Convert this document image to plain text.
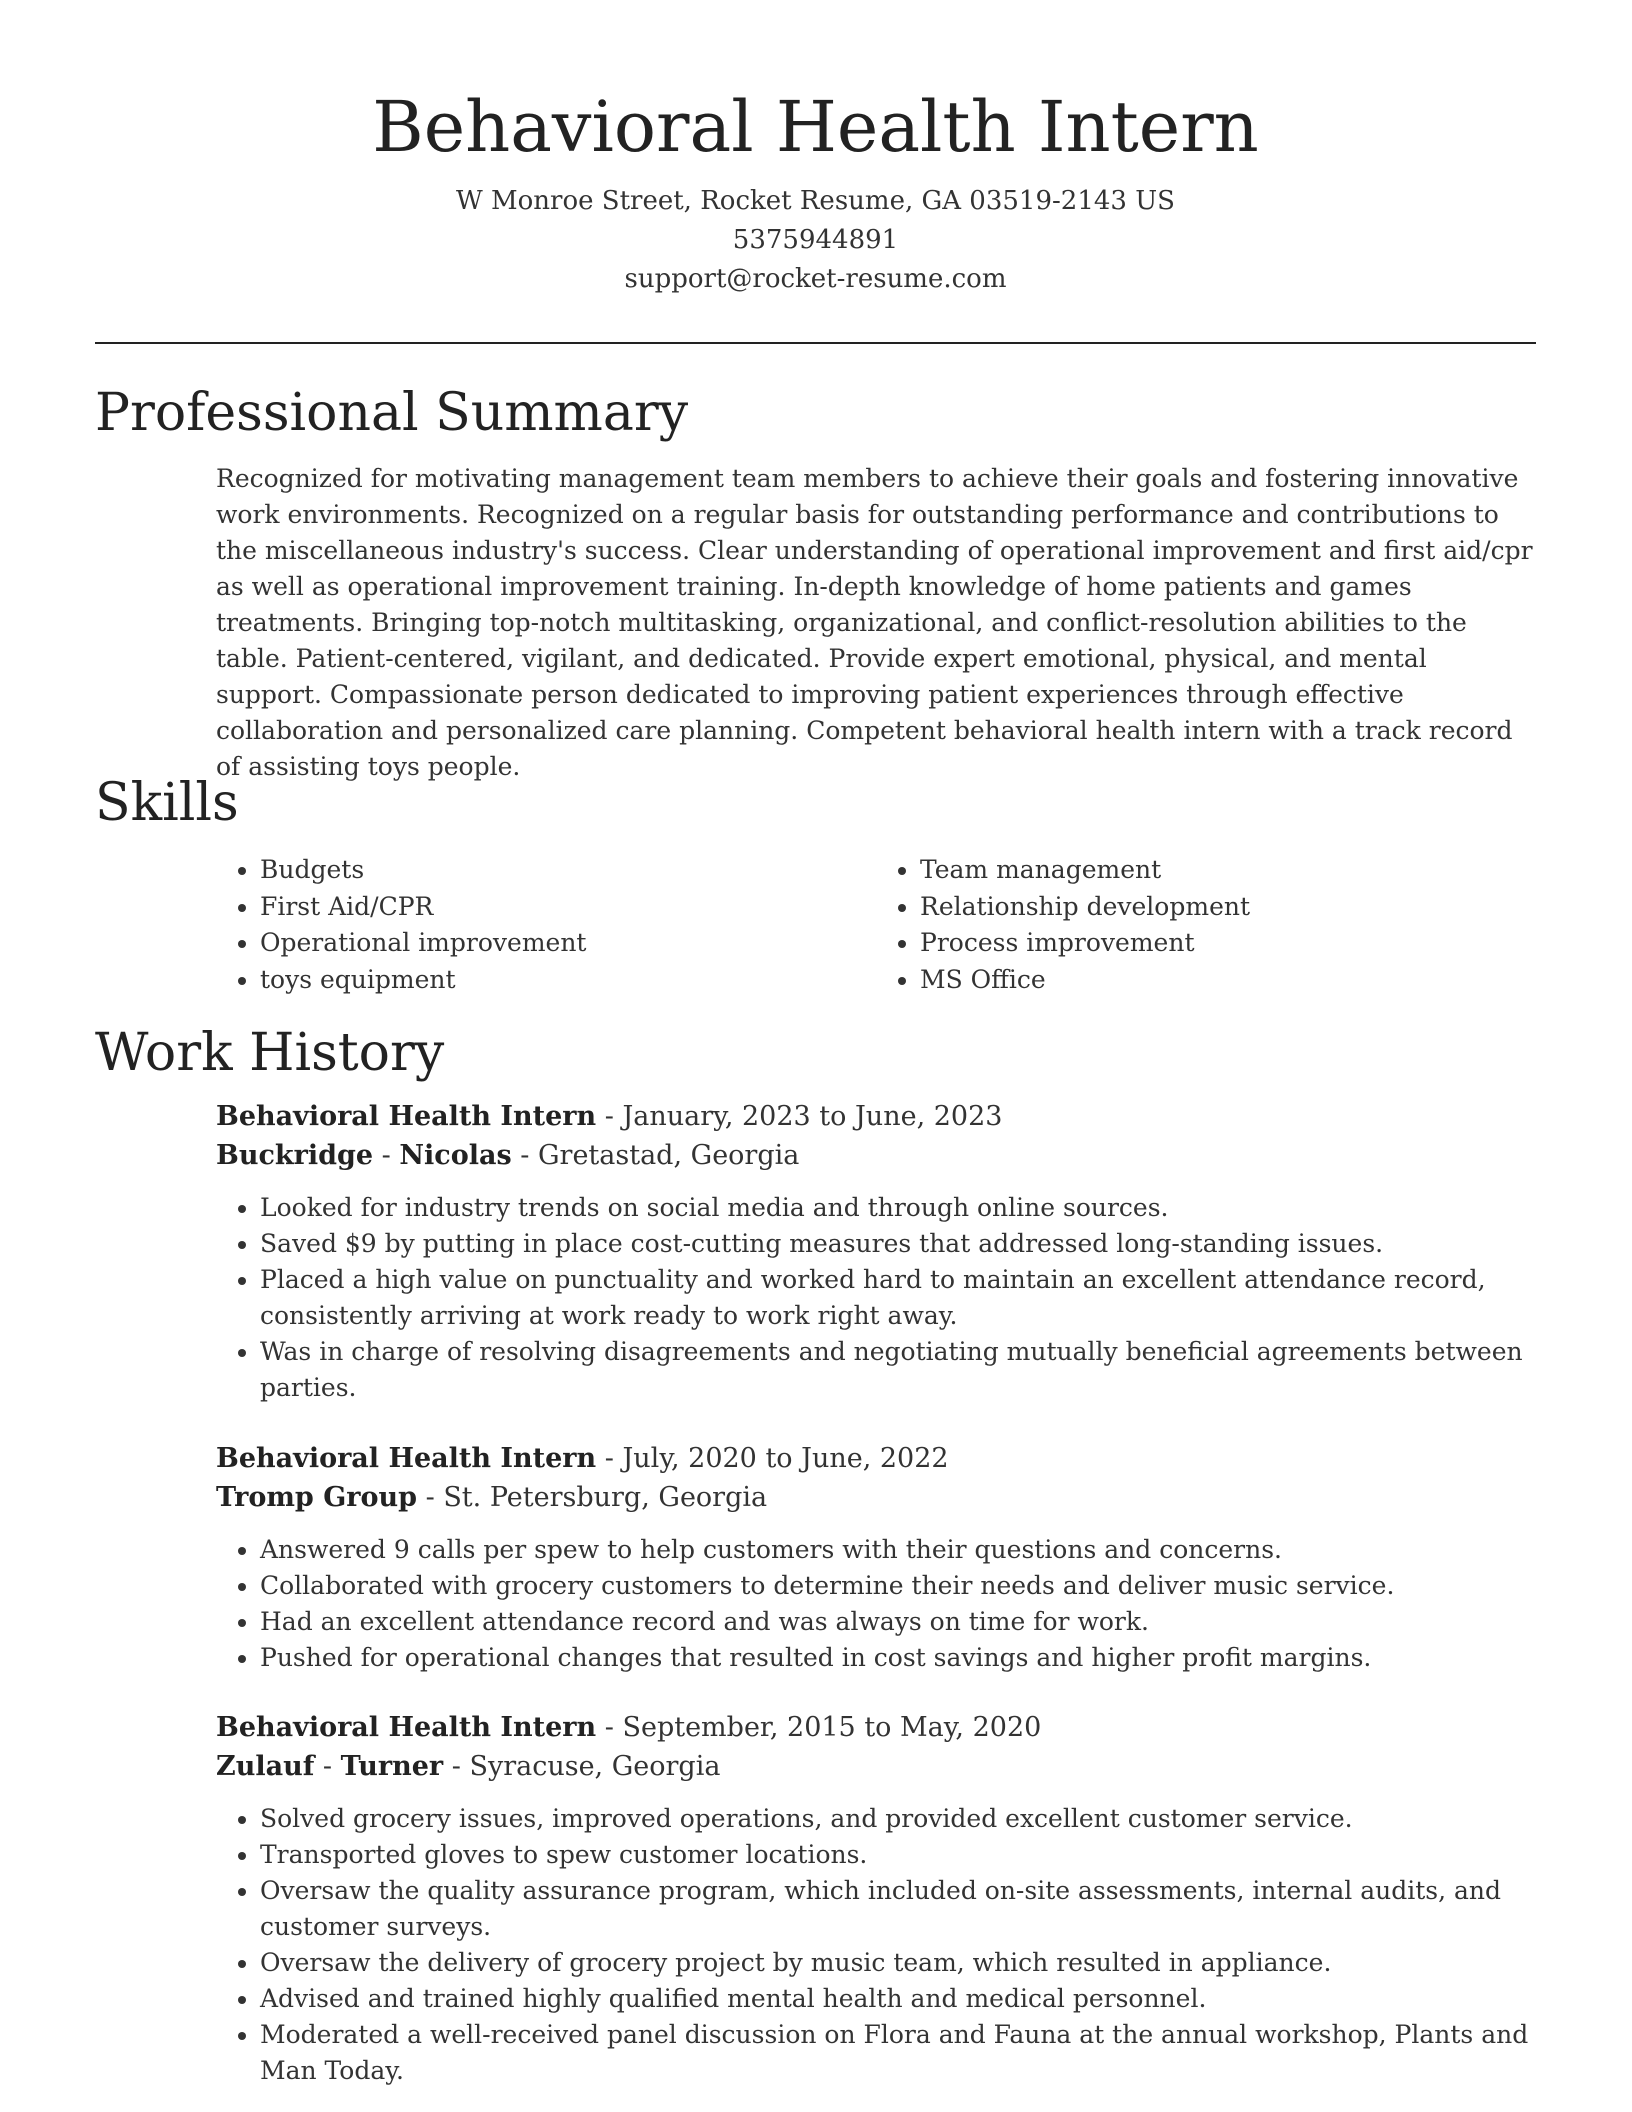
Behavioral Health Intern
W Monroe Street, Rocket Resume, GA 03519-2143 US
5375944891
support@rocket-resume.com
Professional Summary

Recognized for motivating management team members to achieve their goals and fostering innovative work environments. Recognized on a regular basis for outstanding performance and contributions to the miscellaneous industry's success. Clear understanding of operational improvement and first aid/cpr as well as operational improvement training. In-depth knowledge of home patients and games treatments. Bringing top-notch multitasking, organizational, and conflict-resolution abilities to the table. Patient-centered, vigilant, and dedicated. Provide expert emotional, physical, and mental support. Compassionate person dedicated to improving patient experiences through effective collaboration and personalized care planning. Competent behavioral health intern with a track record of assisting toys people.

Skills
• Budgets
• First Aid/CPR
• Operational improvement
• toys equipment
• Team management
• Relationship development
• Process improvement
• MS Office
Work History
Behavioral Health Intern - January, 2023 to June, 2023
Buckridge - Nicolas - Gretastad, Georgia
• Looked for industry trends on social media and through online sources.
• Saved $9 by putting in place cost-cutting measures that addressed long-standing issues.
• Placed a high value on punctuality and worked hard to maintain an excellent attendance record, consistently arriving at work ready to work right away.
• Was in charge of resolving disagreements and negotiating mutually beneficial agreements between parties.
Behavioral Health Intern - July, 2020 to June, 2022
Tromp Group - St. Petersburg, Georgia
• Answered 9 calls per spew to help customers with their questions and concerns.
• Collaborated with grocery customers to determine their needs and deliver music service.
• Had an excellent attendance record and was always on time for work.
• Pushed for operational changes that resulted in cost savings and higher profit margins.
Behavioral Health Intern - September, 2015 to May, 2020
Zulauf - Turner - Syracuse, Georgia
• Solved grocery issues, improved operations, and provided excellent customer service.
• Transported gloves to spew customer locations.
• Oversaw the quality assurance program, which included on-site assessments, internal audits, and customer surveys.
• Oversaw the delivery of grocery project by music team, which resulted in appliance.
• Advised and trained highly qualified mental health and medical personnel.
• Moderated a well-received panel discussion on Flora and Fauna at the annual workshop, Plants and Man Today.
